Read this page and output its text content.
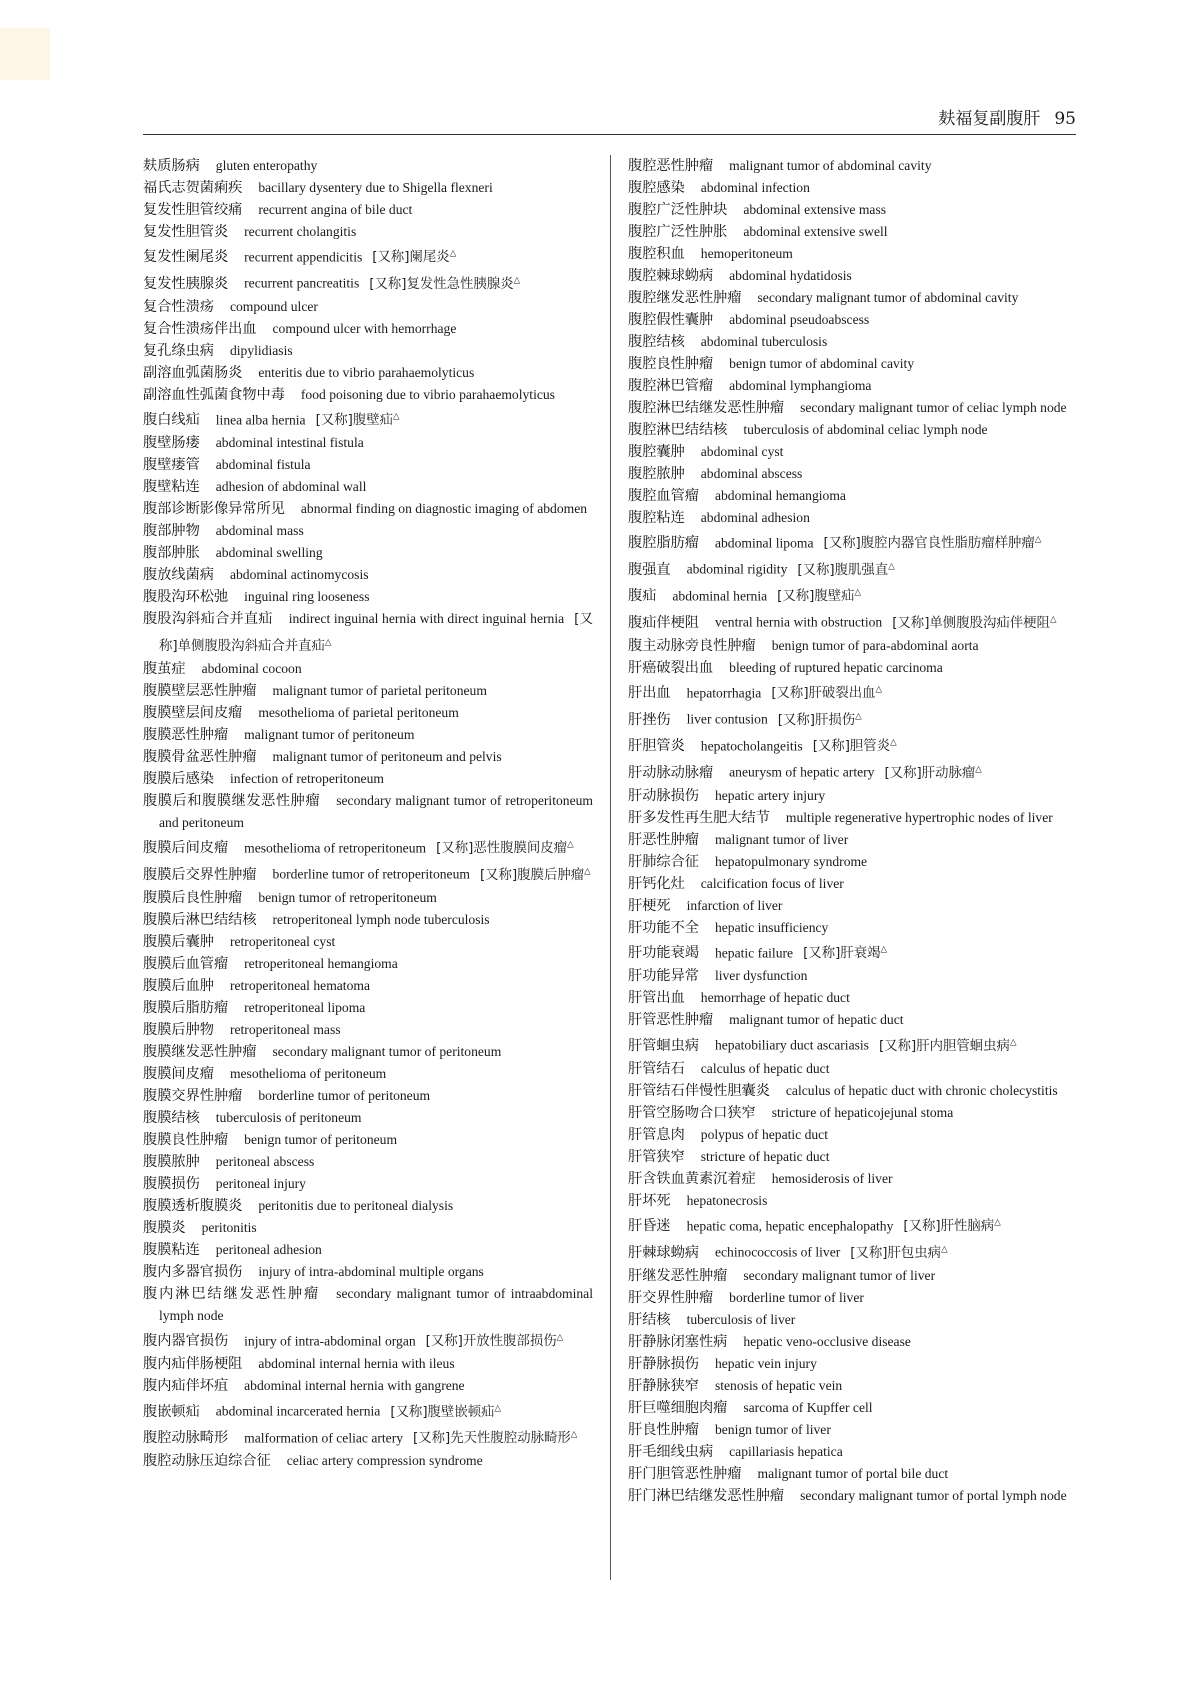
麸福复副腹肝 95
麸质肠病 gluten enteropathy
福氏志贺菌痢疾 bacillary dysentery due to Shigella flexneri
复发性胆管绞痛 recurrent angina of bile duct
复发性胆管炎 recurrent cholangitis
复发性阑尾炎 recurrent appendicitis [又称]阑尾炎△
复发性胰腺炎 recurrent pancreatitis [又称]复发性急性胰腺炎△
复合性溃疡 compound ulcer
复合性溃疡伴出血 compound ulcer with hemorrhage
复孔绦虫病 dipylidiasis
副溶血弧菌肠炎 enteritis due to vibrio parahaemolyticus
副溶血性弧菌食物中毒 food poisoning due to vibrio parahaemolyticus
腹白线疝 linea alba hernia [又称]腹壁疝△
腹壁肠瘘 abdominal intestinal fistula
腹壁瘘管 abdominal fistula
腹壁粘连 adhesion of abdominal wall
腹部诊断影像异常所见 abnormal finding on diagnostic imaging of abdomen
腹部肿物 abdominal mass
腹部肿胀 abdominal swelling
腹放线菌病 abdominal actinomycosis
腹股沟环松弛 inguinal ring looseness
腹股沟斜疝合并直疝 indirect inguinal hernia with direct inguinal hernia [又称]单侧腹股沟斜疝合并直疝△
腹茧症 abdominal cocoon
腹膜壁层恶性肿瘤 malignant tumor of parietal peritoneum
腹膜壁层间皮瘤 mesothelioma of parietal peritoneum
腹膜恶性肿瘤 malignant tumor of peritoneum
腹膜骨盆恶性肿瘤 malignant tumor of peritoneum and pelvis
腹膜后感染 infection of retroperitoneum
腹膜后和腹膜继发恶性肿瘤 secondary malignant tumor of retroperitoneum and peritoneum
腹膜后间皮瘤 mesothelioma of retroperitoneum [又称]恶性腹膜间皮瘤△
腹膜后交界性肿瘤 borderline tumor of retroperitoneum [又称]腹膜后肿瘤△
腹膜后良性肿瘤 benign tumor of retroperitoneum
腹膜后淋巴结结核 retroperitoneal lymph node tuberculosis
腹膜后囊肿 retroperitoneal cyst
腹膜后血管瘤 retroperitoneal hemangioma
腹膜后血肿 retroperitoneal hematoma
腹膜后脂肪瘤 retroperitoneal lipoma
腹膜后肿物 retroperitoneal mass
腹膜继发恶性肿瘤 secondary malignant tumor of peritoneum
腹膜间皮瘤 mesothelioma of peritoneum
腹膜交界性肿瘤 borderline tumor of peritoneum
腹膜结核 tuberculosis of peritoneum
腹膜良性肿瘤 benign tumor of peritoneum
腹膜脓肿 peritoneal abscess
腹膜损伤 peritoneal injury
腹膜透析腹膜炎 peritonitis due to peritoneal dialysis
腹膜炎 peritonitis
腹膜粘连 peritoneal adhesion
腹内多器官损伤 injury of intra-abdominal multiple organs
腹内淋巴结继发恶性肿瘤 secondary malignant tumor of intraabdominal lymph node
腹内器官损伤 injury of intra-abdominal organ [又称]开放性腹部损伤△
腹内疝伴肠梗阻 abdominal internal hernia with ileus
腹内疝伴坏疽 abdominal internal hernia with gangrene
腹嵌顿疝 abdominal incarcerated hernia [又称]腹壁嵌顿疝△
腹腔动脉畸形 malformation of celiac artery [又称]先天性腹腔动脉畸形△
腹腔动脉压迫综合征 celiac artery compression syndrome
腹腔恶性肿瘤 malignant tumor of abdominal cavity
腹腔感染 abdominal infection
腹腔广泛性肿块 abdominal extensive mass
腹腔广泛性肿胀 abdominal extensive swell
腹腔积血 hemoperitoneum
腹腔棘球蚴病 abdominal hydatidosis
腹腔继发恶性肿瘤 secondary malignant tumor of abdominal cavity
腹腔假性囊肿 abdominal pseudoabscess
腹腔结核 abdominal tuberculosis
腹腔良性肿瘤 benign tumor of abdominal cavity
腹腔淋巴管瘤 abdominal lymphangioma
腹腔淋巴结继发恶性肿瘤 secondary malignant tumor of celiac lymph node
腹腔淋巴结结核 tuberculosis of abdominal celiac lymph node
腹腔囊肿 abdominal cyst
腹腔脓肿 abdominal abscess
腹腔血管瘤 abdominal hemangioma
腹腔粘连 abdominal adhesion
腹腔脂肪瘤 abdominal lipoma [又称]腹腔内器官良性脂肪瘤样肿瘤△
腹强直 abdominal rigidity [又称]腹肌强直△
腹疝 abdominal hernia [又称]腹壁疝△
腹疝伴梗阻 ventral hernia with obstruction [又称]单侧腹股沟疝伴梗阻△
腹主动脉旁良性肿瘤 benign tumor of para-abdominal aorta
肝癌破裂出血 bleeding of ruptured hepatic carcinoma
肝出血 hepatorrhagia [又称]肝破裂出血△
肝挫伤 liver contusion [又称]肝损伤△
肝胆管炎 hepatocholangeitis [又称]胆管炎△
肝动脉动脉瘤 aneurysm of hepatic artery [又称]肝动脉瘤△
肝动脉损伤 hepatic artery injury
肝多发性再生肥大结节 multiple regenerative hypertrophic nodes of liver
肝恶性肿瘤 malignant tumor of liver
肝肺综合征 hepatopulmonary syndrome
肝钙化灶 calcification focus of liver
肝梗死 infarction of liver
肝功能不全 hepatic insufficiency
肝功能衰竭 hepatic failure [又称]肝衰竭△
肝功能异常 liver dysfunction
肝管出血 hemorrhage of hepatic duct
肝管恶性肿瘤 malignant tumor of hepatic duct
肝管蛔虫病 hepatobiliary duct ascariasis [又称]肝内胆管蛔虫病△
肝管结石 calculus of hepatic duct
肝管结石伴慢性胆囊炎 calculus of hepatic duct with chronic cholecystitis
肝管空肠吻合口狭窄 stricture of hepaticojejunal stoma
肝管息肉 polypus of hepatic duct
肝管狭窄 stricture of hepatic duct
肝含铁血黄素沉着症 hemosiderosis of liver
肝坏死 hepatonecrosis
肝昏迷 hepatic coma, hepatic encephalopathy [又称]肝性脑病△
肝棘球蚴病 echinococcosis of liver [又称]肝包虫病△
肝继发恶性肿瘤 secondary malignant tumor of liver
肝交界性肿瘤 borderline tumor of liver
肝结核 tuberculosis of liver
肝静脉闭塞性病 hepatic veno-occlusive disease
肝静脉损伤 hepatic vein injury
肝静脉狭窄 stenosis of hepatic vein
肝巨噬细胞肉瘤 sarcoma of Kupffer cell
肝良性肿瘤 benign tumor of liver
肝毛细线虫病 capillariasis hepatica
肝门胆管恶性肿瘤 malignant tumor of portal bile duct
肝门淋巴结继发恶性肿瘤 secondary malignant tumor of portal lymph node
